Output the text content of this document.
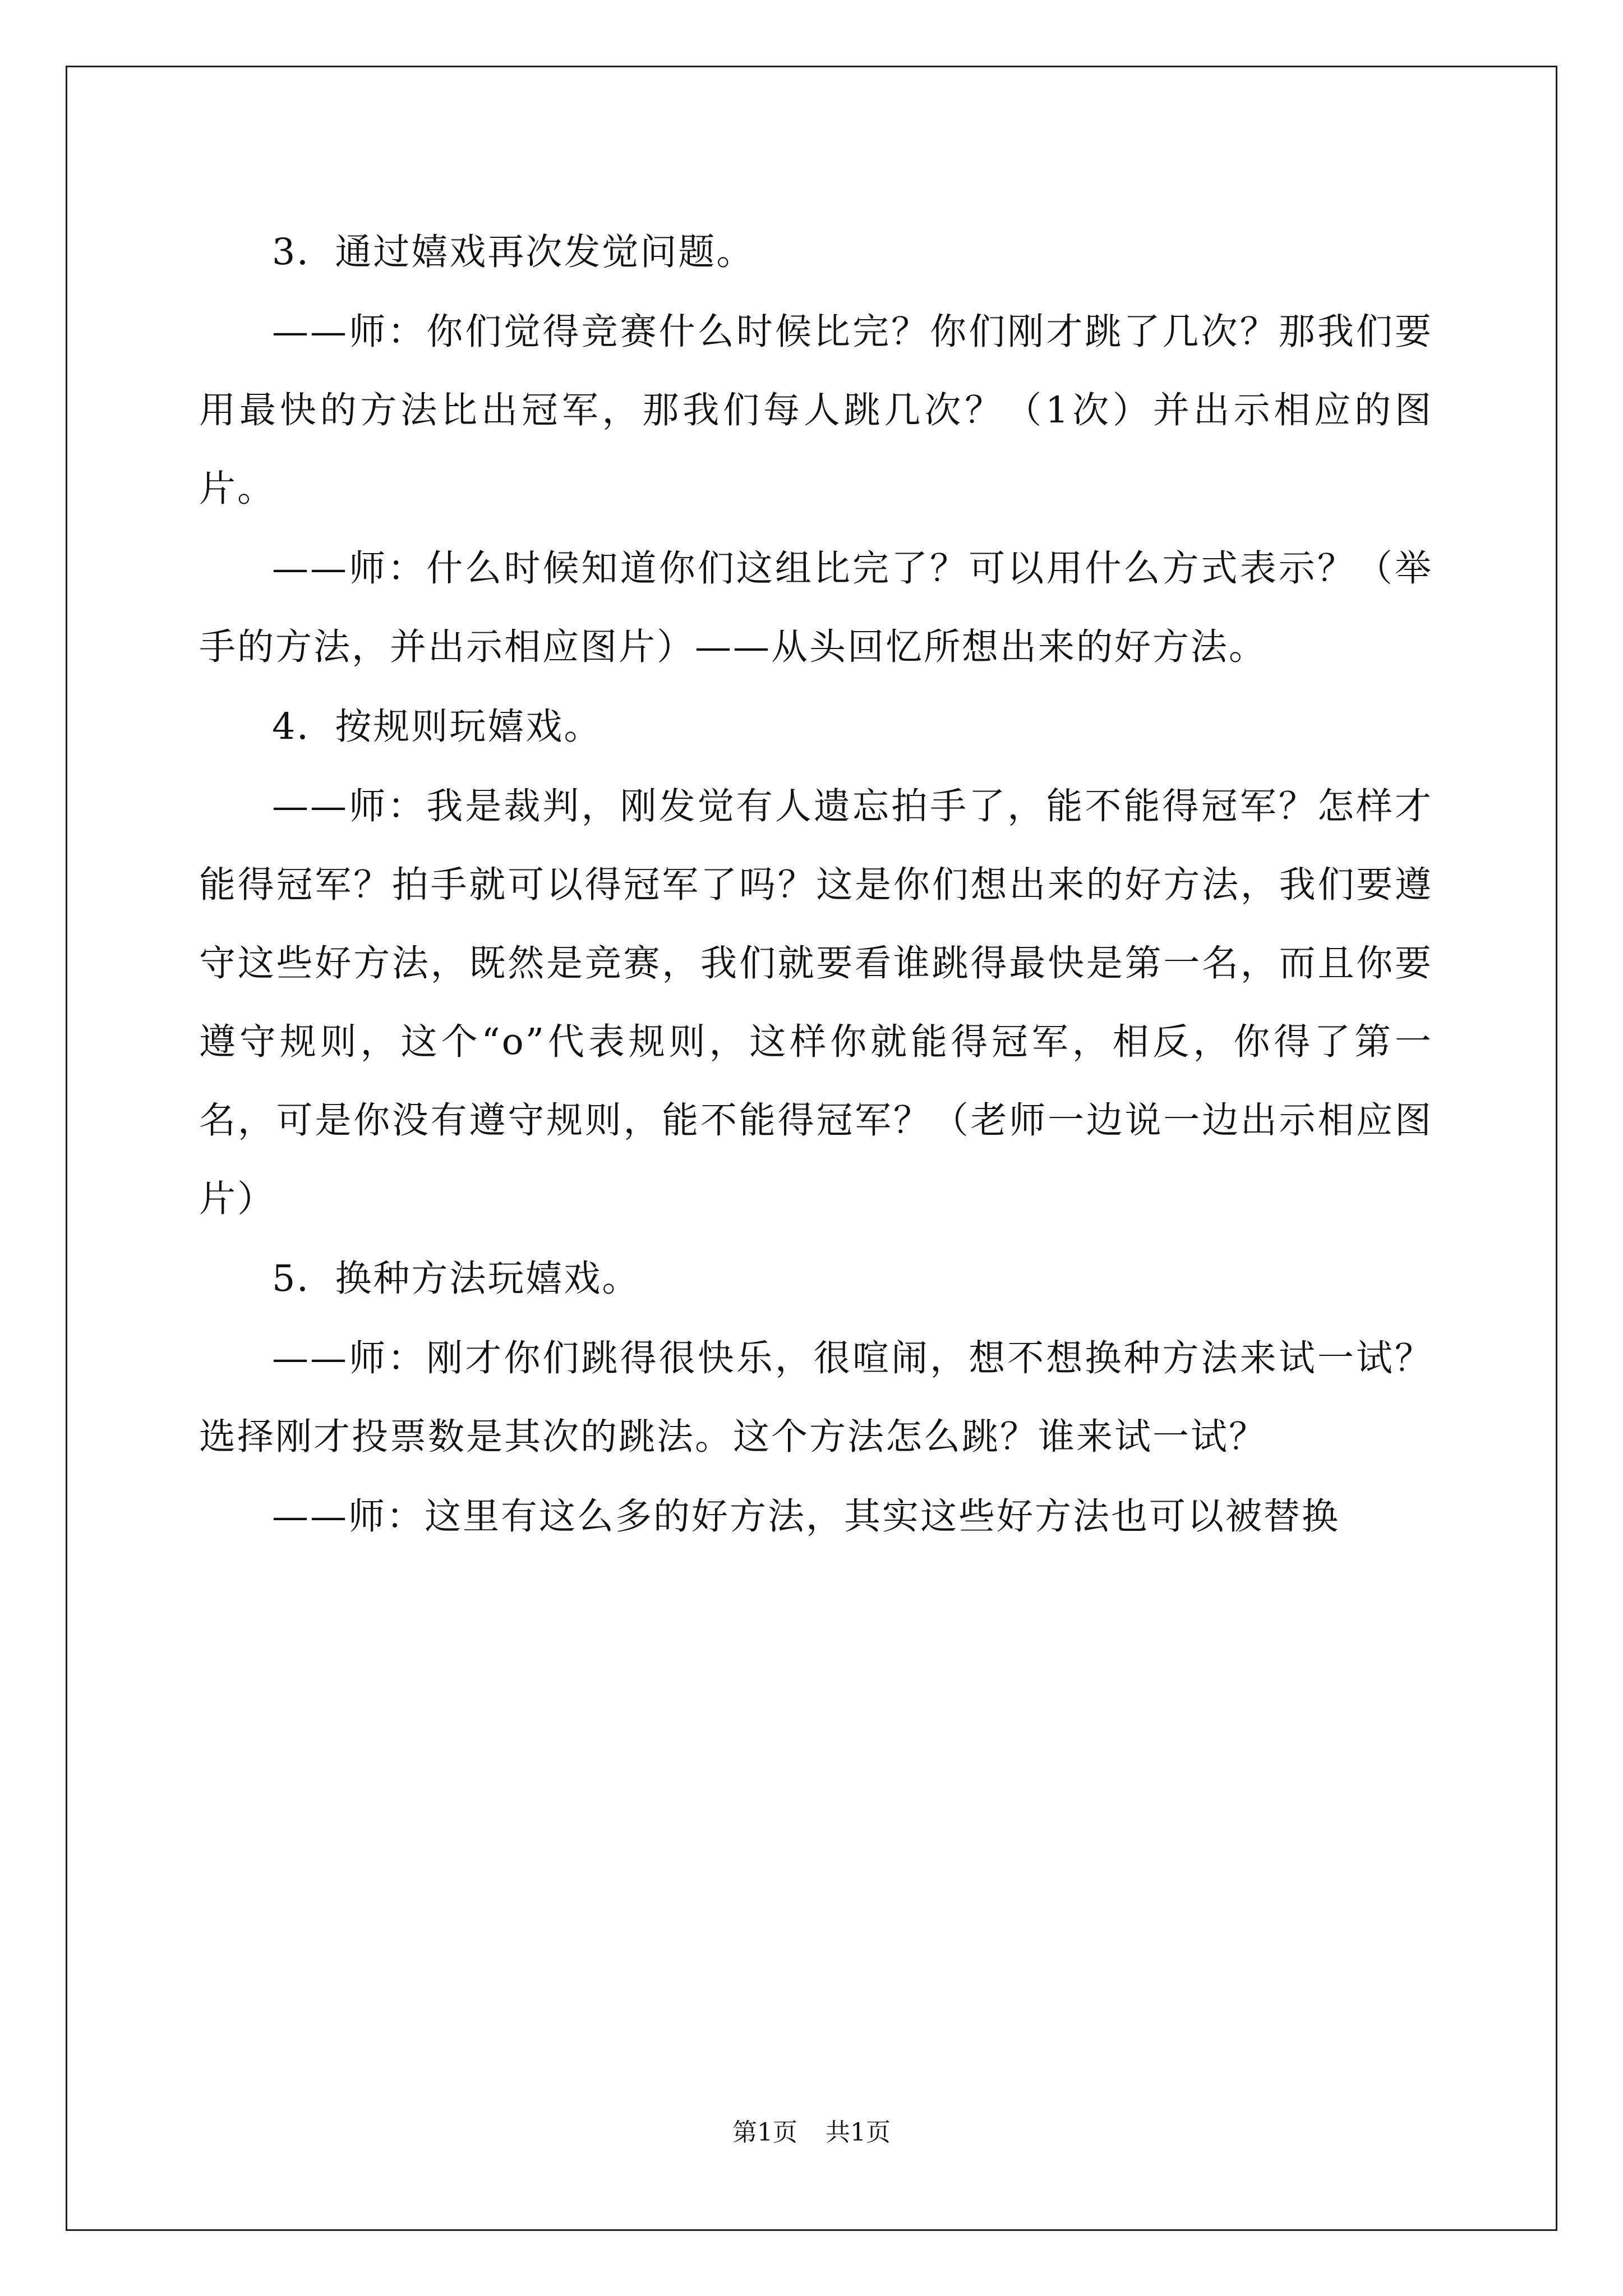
3．通过嬉戏再次发觉问题。

——师：你们觉得竞赛什么时候比完？你们刚才跳了几次？那我们要用最快的方法比出冠军，那我们每人跳几次？（1次）并出示相应的图片。

——师：什么时候知道你们这组比完了？可以用什么方式表示？（举手的方法，并出示相应图片）——从头回忆所想出来的好方法。

4．按规则玩嬉戏。

——师：我是裁判，刚发觉有人遗忘拍手了，能不能得冠军？怎样才能得冠军？拍手就可以得冠军了吗？这是你们想出来的好方法，我们要遵守这些好方法，既然是竞赛，我们就要看谁跳得最快是第一名，而且你要遵守规则，这个“o”代表规则，这样你就能得冠军，相反，你得了第一名，可是你没有遵守规则，能不能得冠军？（老师一边说一边出示相应图片）

5．换种方法玩嬉戏。

——师：刚才你们跳得很快乐，很喧闹，想不想换种方法来试一试？选择刚才投票数是其次的跳法。这个方法怎么跳？谁来试一试？

——师：这里有这么多的好方法，其实这些好方法也可以被替换

第1页 共1页
